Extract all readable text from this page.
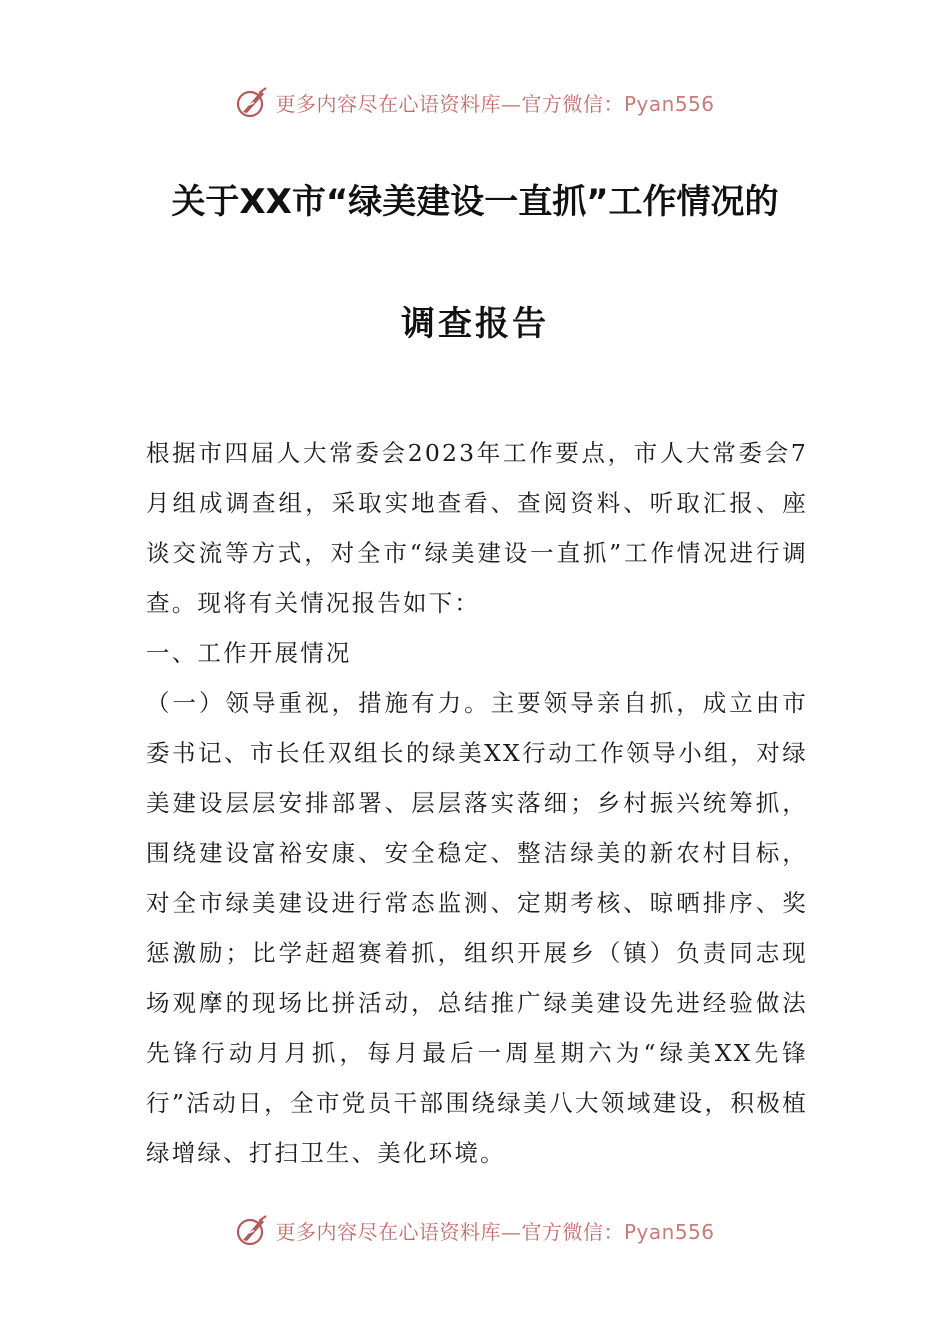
更多内容尽在心语资料库—官方微信：Pyan556
关于XX市“绿美建设一直抓”工作情况的
调查报告

根据市四届人大常委会2023年工作要点，市人大常委会7月组成调查组，采取实地查看、查阅资料、听取汇报、座谈交流等方式，对全市“绿美建设一直抓”工作情况进行调查。现将有关情况报告如下：

一、工作开展情况

（一）领导重视，措施有力。主要领导亲自抓，成立由市委书记、市长任双组长的绿美XX行动工作领导小组，对绿美建设层层安排部署、层层落实落细；乡村振兴统筹抓，围绕建设富裕安康、安全稳定、整洁绿美的新农村目标，对全市绿美建设进行常态监测、定期考核、晾晒排序、奖惩激励；比学赶超赛着抓，组织开展乡（镇）负责同志现场观摩的现场比拼活动，总结推广绿美建设先进经验做法先锋行动月月抓，每月最后一周星期六为“绿美XX先锋行”活动日，全市党员干部围绕绿美八大领域建设，积极植绿增绿、打扫卫生、美化环境。

更多内容尽在心语资料库—官方微信：Pyan556
